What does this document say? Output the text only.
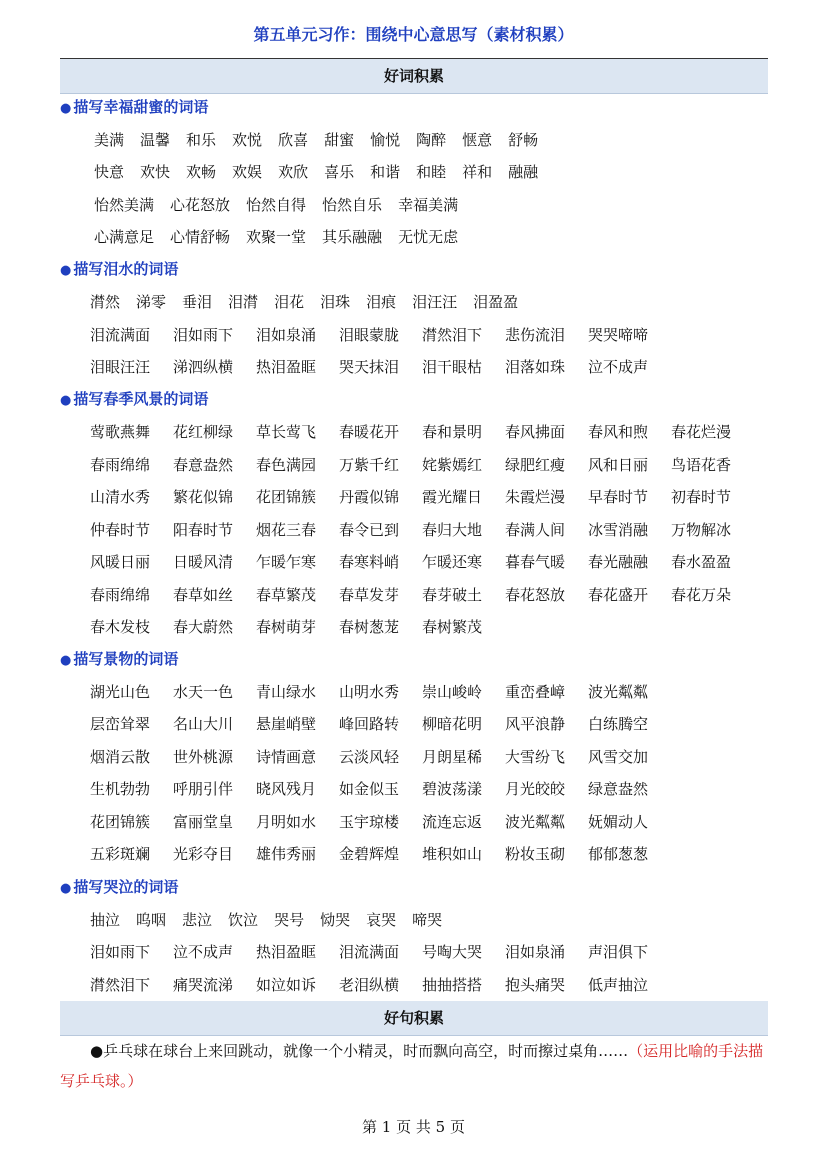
第五单元习作：围绕中心意思写（素材积累）
好词积累
● 描写幸福甜蜜的词语
美满 温馨 和乐 欢悦 欣喜 甜蜜 愉悦 陶醉 惬意 舒畅
快意 欢快 欢畅 欢娱 欢欣 喜乐 和谐 和睦 祥和 融融
怡然美满 心花怒放 怡然自得 怡然自乐 幸福美满
心满意足 心情舒畅 欢聚一堂 其乐融融 无忧无虑
● 描写泪水的词语
潸然 涕零 垂泪 泪潸 泪花 泪珠 泪痕 泪汪汪 泪盈盈
泪流满面 泪如雨下 泪如泉涌 泪眼蒙胧 潸然泪下 悲伤流泪 哭哭啼啼
泪眼汪汪 涕泗纵横 热泪盈眶 哭天抹泪 泪干眼枯 泪落如珠 泣不成声
● 描写春季风景的词语
莺歌燕舞 花红柳绿 草长莺飞 春暖花开 春和景明 春风拂面 春风和煦 春花烂漫
春雨绵绵 春意盎然 春色满园 万紫千红 姹紫嫣红 绿肥红瘦 风和日丽 鸟语花香
山清水秀 繁花似锦 花团锦簇 丹霞似锦 霞光耀日 朱霞烂漫 早春时节 初春时节
仲春时节 阳春时节 烟花三春 春令已到 春归大地 春满人间 冰雪消融 万物解冰
风暖日丽 日暖风清 乍暖乍寒 春寒料峭 乍暖还寒 暮春气暖 春光融融 春水盈盈
春雨绵绵 春草如丝 春草繁茂 春草发芽 春芽破土 春花怒放 春花盛开 春花万朵
春木发枝 春大蔚然 春树萌芽 春树葱茏 春树繁茂
● 描写景物的词语
湖光山色 水天一色 青山绿水 山明水秀 崇山峻岭 重峦叠嶂 波光粼粼
层峦耸翠 名山大川 悬崖峭壁 峰回路转 柳暗花明 风平浪静 白练腾空
烟消云散 世外桃源 诗情画意 云淡风轻 月朗星稀 大雪纷飞 风雪交加
生机勃勃 呼朋引伴 晓风残月 如金似玉 碧波荡漾 月光皎皎 绿意盎然
花团锦簇 富丽堂皇 月明如水 玉宇琼楼 流连忘返 波光粼粼 妩媚动人
五彩斑斓 光彩夺目 雄伟秀丽 金碧辉煌 堆积如山 粉妆玉砌 郁郁葱葱
● 描写哭泣的词语
抽泣 呜咽 悲泣 饮泣 哭号 恸哭 哀哭 啼哭
泪如雨下 泣不成声 热泪盈眶 泪流满面 号啕大哭 泪如泉涌 声泪俱下
潸然泪下 痛哭流涕 如泣如诉 老泪纵横 抽抽搭搭 抱头痛哭 低声抽泣
好句积累
●乒乓球在球台上来回跳动，就像一个小精灵，时而飘向高空，时而擦过桌角……（运用比喻的手法描写乒乓球。）
第 1 页 共 5 页
